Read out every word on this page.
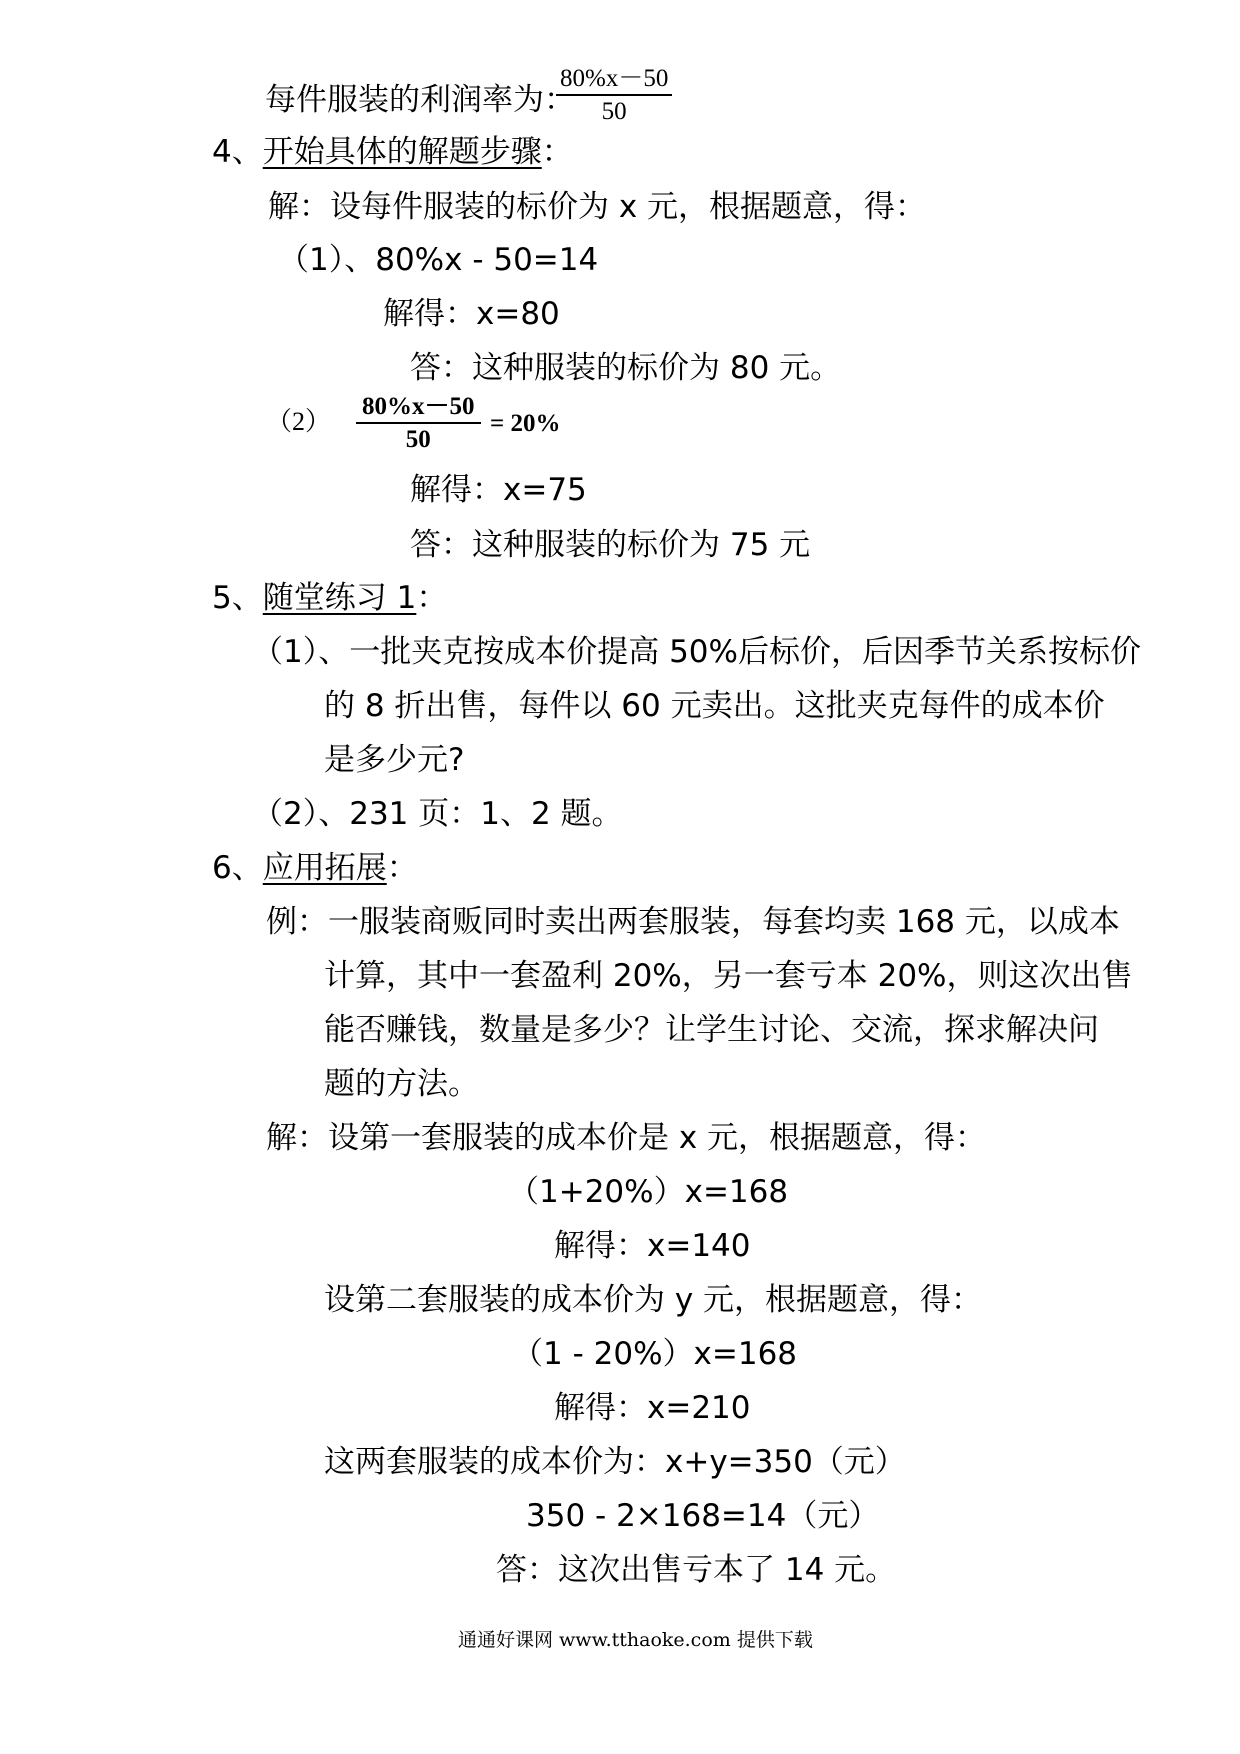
每件服装的利润率为：
$\frac{80\%x-50}{50}$
4、开始具体的解题步骤：
解：设每件服装的标价为 x 元，根据题意，得：
（1）、80%x - 50=14
解得：x=80
答：这种服装的标价为 80 元。
$(2) \frac{80\%x-50}{50} = 20\%$
解得：x=75
答：这种服装的标价为 75 元
5、随堂练习 1：
（1）、一批夹克按成本价提高 50%后标价，后因季节关系按标价
的 8 折出售，每件以 60 元卖出。这批夹克每件的成本价
是多少元?
（2）、231 页：1、2 题。
6、应用拓展：
例：一服装商贩同时卖出两套服装，每套均卖 168 元，以成本
计算，其中一套盈利 20%，另一套亏本 20%，则这次出售
能否赚钱，数量是多少？让学生讨论、交流，探求解决问
题的方法。
解：设第一套服装的成本价是 x 元，根据题意，得：
（1+20%）x=168
解得：x=140
设第二套服装的成本价为 y 元，根据题意，得：
（1 - 20%）x=168
解得：x=210
这两套服装的成本价为：x+y=350（元）
350 - 2×168=14（元）
答：这次出售亏本了 14 元。
通通好课网 www.tthaoke.com 提供下载
